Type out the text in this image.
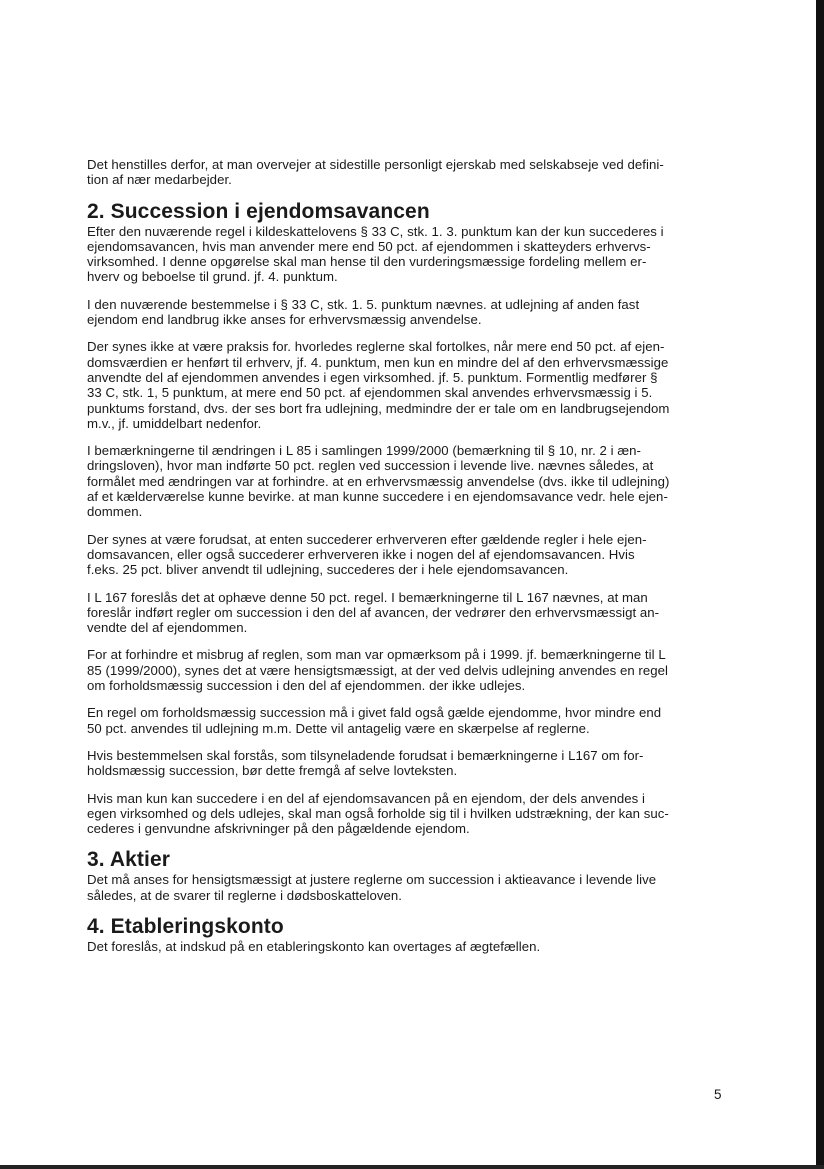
Det henstilles derfor, at man overvejer at sidestille personligt ejerskab med selskabseje ved defini-
tion af nær medarbejder.

2. Succession i ejendomsavancen

Efter den nuværende regel i kildeskattelovens § 33 C, stk. 1. 3. punktum kan der kun succederes i
ejendomsavancen, hvis man anvender mere end 50 pct. af ejendommen i skatteyders erhvervs-
virksomhed. I denne opgørelse skal man hense til den vurderingsmæssige fordeling mellem er-
hverv og beboelse til grund. jf. 4. punktum.

I den nuværende bestemmelse i § 33 C, stk. 1. 5. punktum nævnes. at udlejning af anden fast
ejendom end landbrug ikke anses for erhvervsmæssig anvendelse.

Der synes ikke at være praksis for. hvorledes reglerne skal fortolkes, når mere end 50 pct. af ejen-
domsværdien er henført til erhverv, jf. 4. punktum, men kun en mindre del af den erhvervsmæssige
anvendte del af ejendommen anvendes i egen virksomhed. jf. 5. punktum. Formentlig medfører §
33 C, stk. 1, 5 punktum, at mere end 50 pct. af ejendommen skal anvendes erhvervsmæssig i 5.
punktums forstand, dvs. der ses bort fra udlejning, medmindre der er tale om en landbrugsejendom
m.v., jf. umiddelbart nedenfor.

I bemærkningerne til ændringen i L 85 i samlingen 1999/2000 (bemærkning til § 10, nr. 2 i æn-
dringsloven), hvor man indførte 50 pct. reglen ved succession i levende live. nævnes således, at
formålet med ændringen var at forhindre. at en erhvervsmæssig anvendelse (dvs. ikke til udlejning)
af et kælderværelse kunne bevirke. at man kunne succedere i en ejendomsavance vedr. hele ejen-
dommen.

Der synes at være forudsat, at enten succederer erhververen efter gældende regler i hele ejen-
domsavancen, eller også succederer erhververen ikke i nogen del af ejendomsavancen. Hvis
f.eks. 25 pct. bliver anvendt til udlejning, succederes der i hele ejendomsavancen.

I L 167 foreslås det at ophæve denne 50 pct. regel. I bemærkningerne til L 167 nævnes, at man
foreslår indført regler om succession i den del af avancen, der vedrører den erhvervsmæssigt an-
vendte del af ejendommen.

For at forhindre et misbrug af reglen, som man var opmærksom på i 1999. jf. bemærkningerne til L
85 (1999/2000), synes det at være hensigtsmæssigt, at der ved delvis udlejning anvendes en regel
om forholdsmæssig succession i den del af ejendommen. der ikke udlejes.

En regel om forholdsmæssig succession må i givet fald også gælde ejendomme, hvor mindre end
50 pct. anvendes til udlejning m.m. Dette vil antagelig være en skærpelse af reglerne.

Hvis bestemmelsen skal forstås, som tilsyneladende forudsat i bemærkningerne i L167 om for-
holdsmæssig succession, bør dette fremgå af selve lovteksten.

Hvis man kun kan succedere i en del af ejendomsavancen på en ejendom, der dels anvendes i
egen virksomhed og dels udlejes, skal man også forholde sig til i hvilken udstrækning, der kan suc-
cederes i genvundne afskrivninger på den pågældende ejendom.

3. Aktier

Det må anses for hensigtsmæssigt at justere reglerne om succession i aktieavance i levende live
således, at de svarer til reglerne i dødsboskatteloven.

4. Etableringskonto

Det foreslås, at indskud på en etableringskonto kan overtages af ægtefællen.

5
